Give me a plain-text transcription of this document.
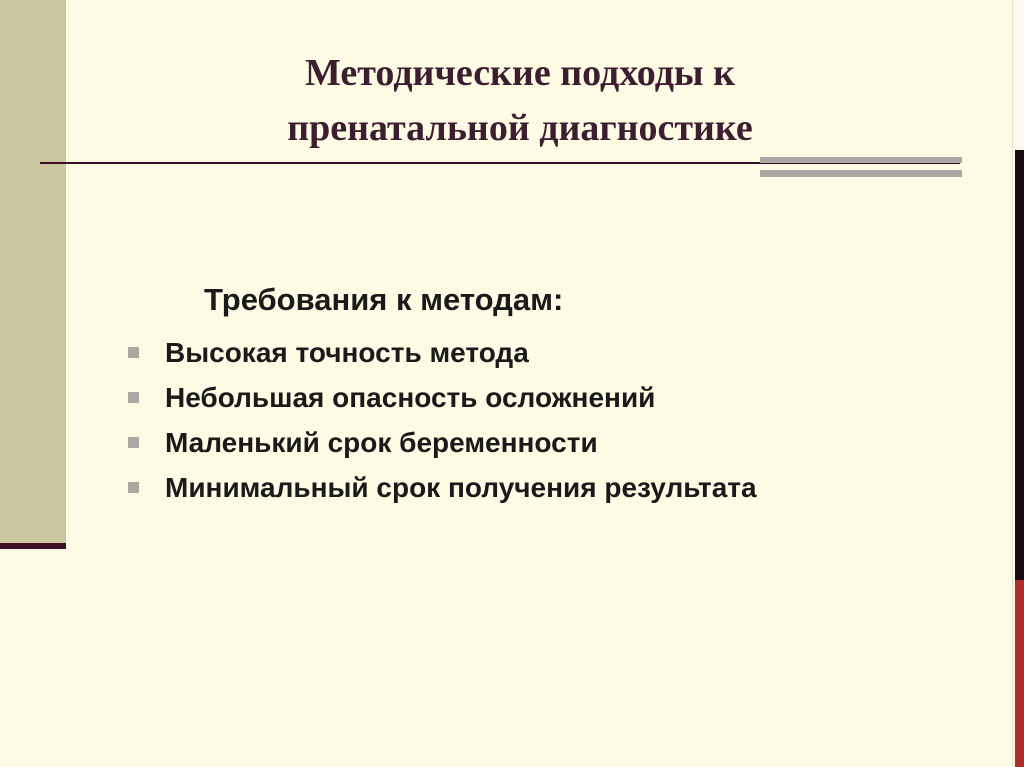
Методические подходы к
пренатальной диагностике

Требования к методам:

Высокая точность метода
Небольшая опасность осложнений
Маленький срок беременности
Минимальный срок получения результата
